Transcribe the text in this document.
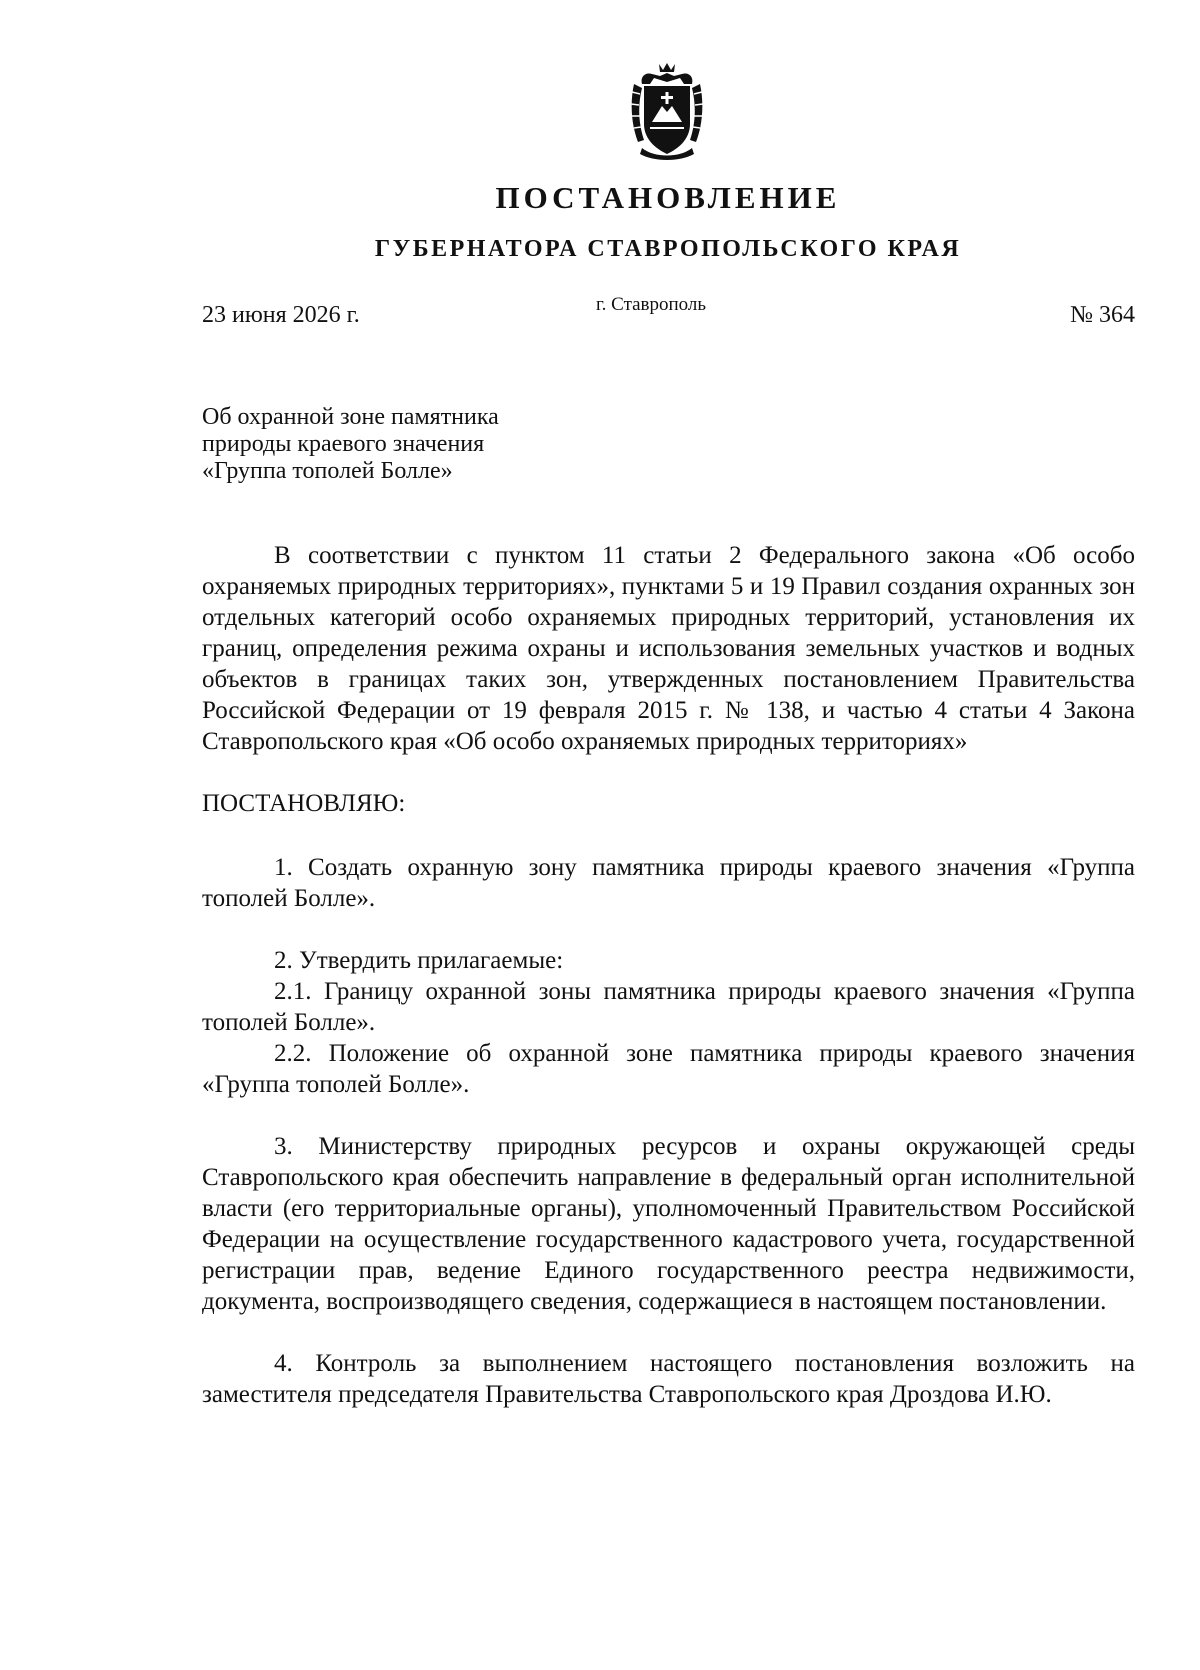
ПОСТАНОВЛЕНИЕ
ГУБЕРНАТОРА СТАВРОПОЛЬСКОГО КРАЯ
23 июня 2026 г.	г. Ставрополь	№ 364
Об охранной зоне памятника
природы краевого значения
«Группа тополей Болле»

В соответствии с пунктом 11 статьи 2 Федерального закона «Об особо охраняемых природных территориях», пунктами 5 и 19 Правил создания охранных зон отдельных категорий особо охраняемых природных территорий, установления их границ, определения режима охраны и использования земельных участков и водных объектов в границах таких зон, утвержденных постановлением Правительства Российской Федерации от 19 февраля 2015 г. № 138, и частью 4 статьи 4 Закона Ставропольского края «Об особо охраняемых природных территориях»

ПОСТАНОВЛЯЮ:

1. Создать охранную зону памятника природы краевого значения «Группа тополей Болле».

2. Утвердить прилагаемые:

2.1. Границу охранной зоны памятника природы краевого значения «Группа тополей Болле».

2.2. Положение об охранной зоне памятника природы краевого значения «Группа тополей Болле».

3. Министерству природных ресурсов и охраны окружающей среды Ставропольского края обеспечить направление в федеральный орган исполнительной власти (его территориальные органы), уполномоченный Правительством Российской Федерации на осуществление государственного кадастрового учета, государственной регистрации прав, ведение Единого государственного реестра недвижимости, документа, воспроизводящего сведения, содержащиеся в настоящем постановлении.

4. Контроль за выполнением настоящего постановления возложить на заместителя председателя Правительства Ставропольского края Дроздова И.Ю.
